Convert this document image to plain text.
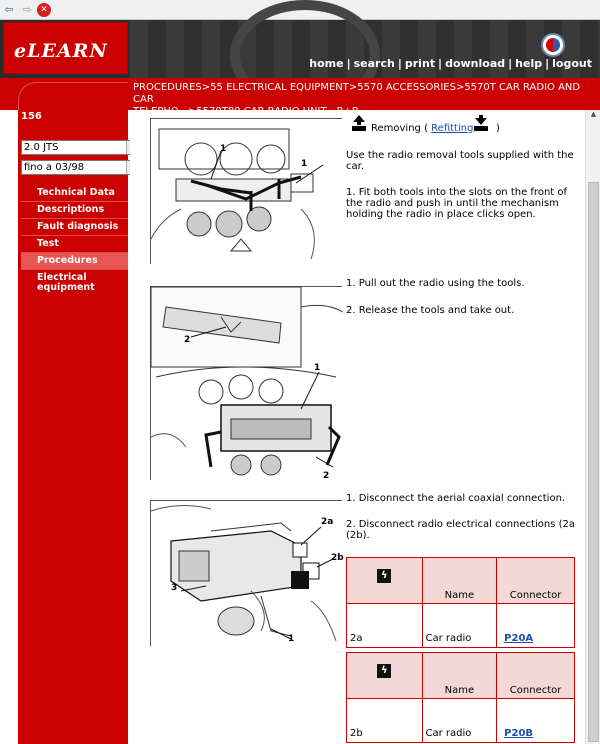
⇦ ⇨ ✕
eLEARN
home | search | print | download | help | logout
PROCEDURES>55 ELECTRICAL EQUIPMENT>5570 ACCESSORIES>5570T CAR RADIO AND CAR
156
2.0 JTS
fino a 03/98
Technical Data
Descriptions
Fault diagnosis
Test
Procedures
Electrical equipment
1
1
Removing ( Refitting )
Use the radio removal tools supplied with the car.
1. Fit both tools into the slots on the front of the radio and push in until the mechanism holding the radio in place clicks open.
2
1
2
1. Pull out the radio using the tools.
2. Release the tools and take out.
2a
2b
3
1
1. Disconnect the aerial coaxial connection.
2. Disconnect radio electrical connections (2a (2b).
ϟ	Name	Connector
2a	Car radio	P20A
ϟ	Name	Connector
2b	Car radio	P20B
▲
